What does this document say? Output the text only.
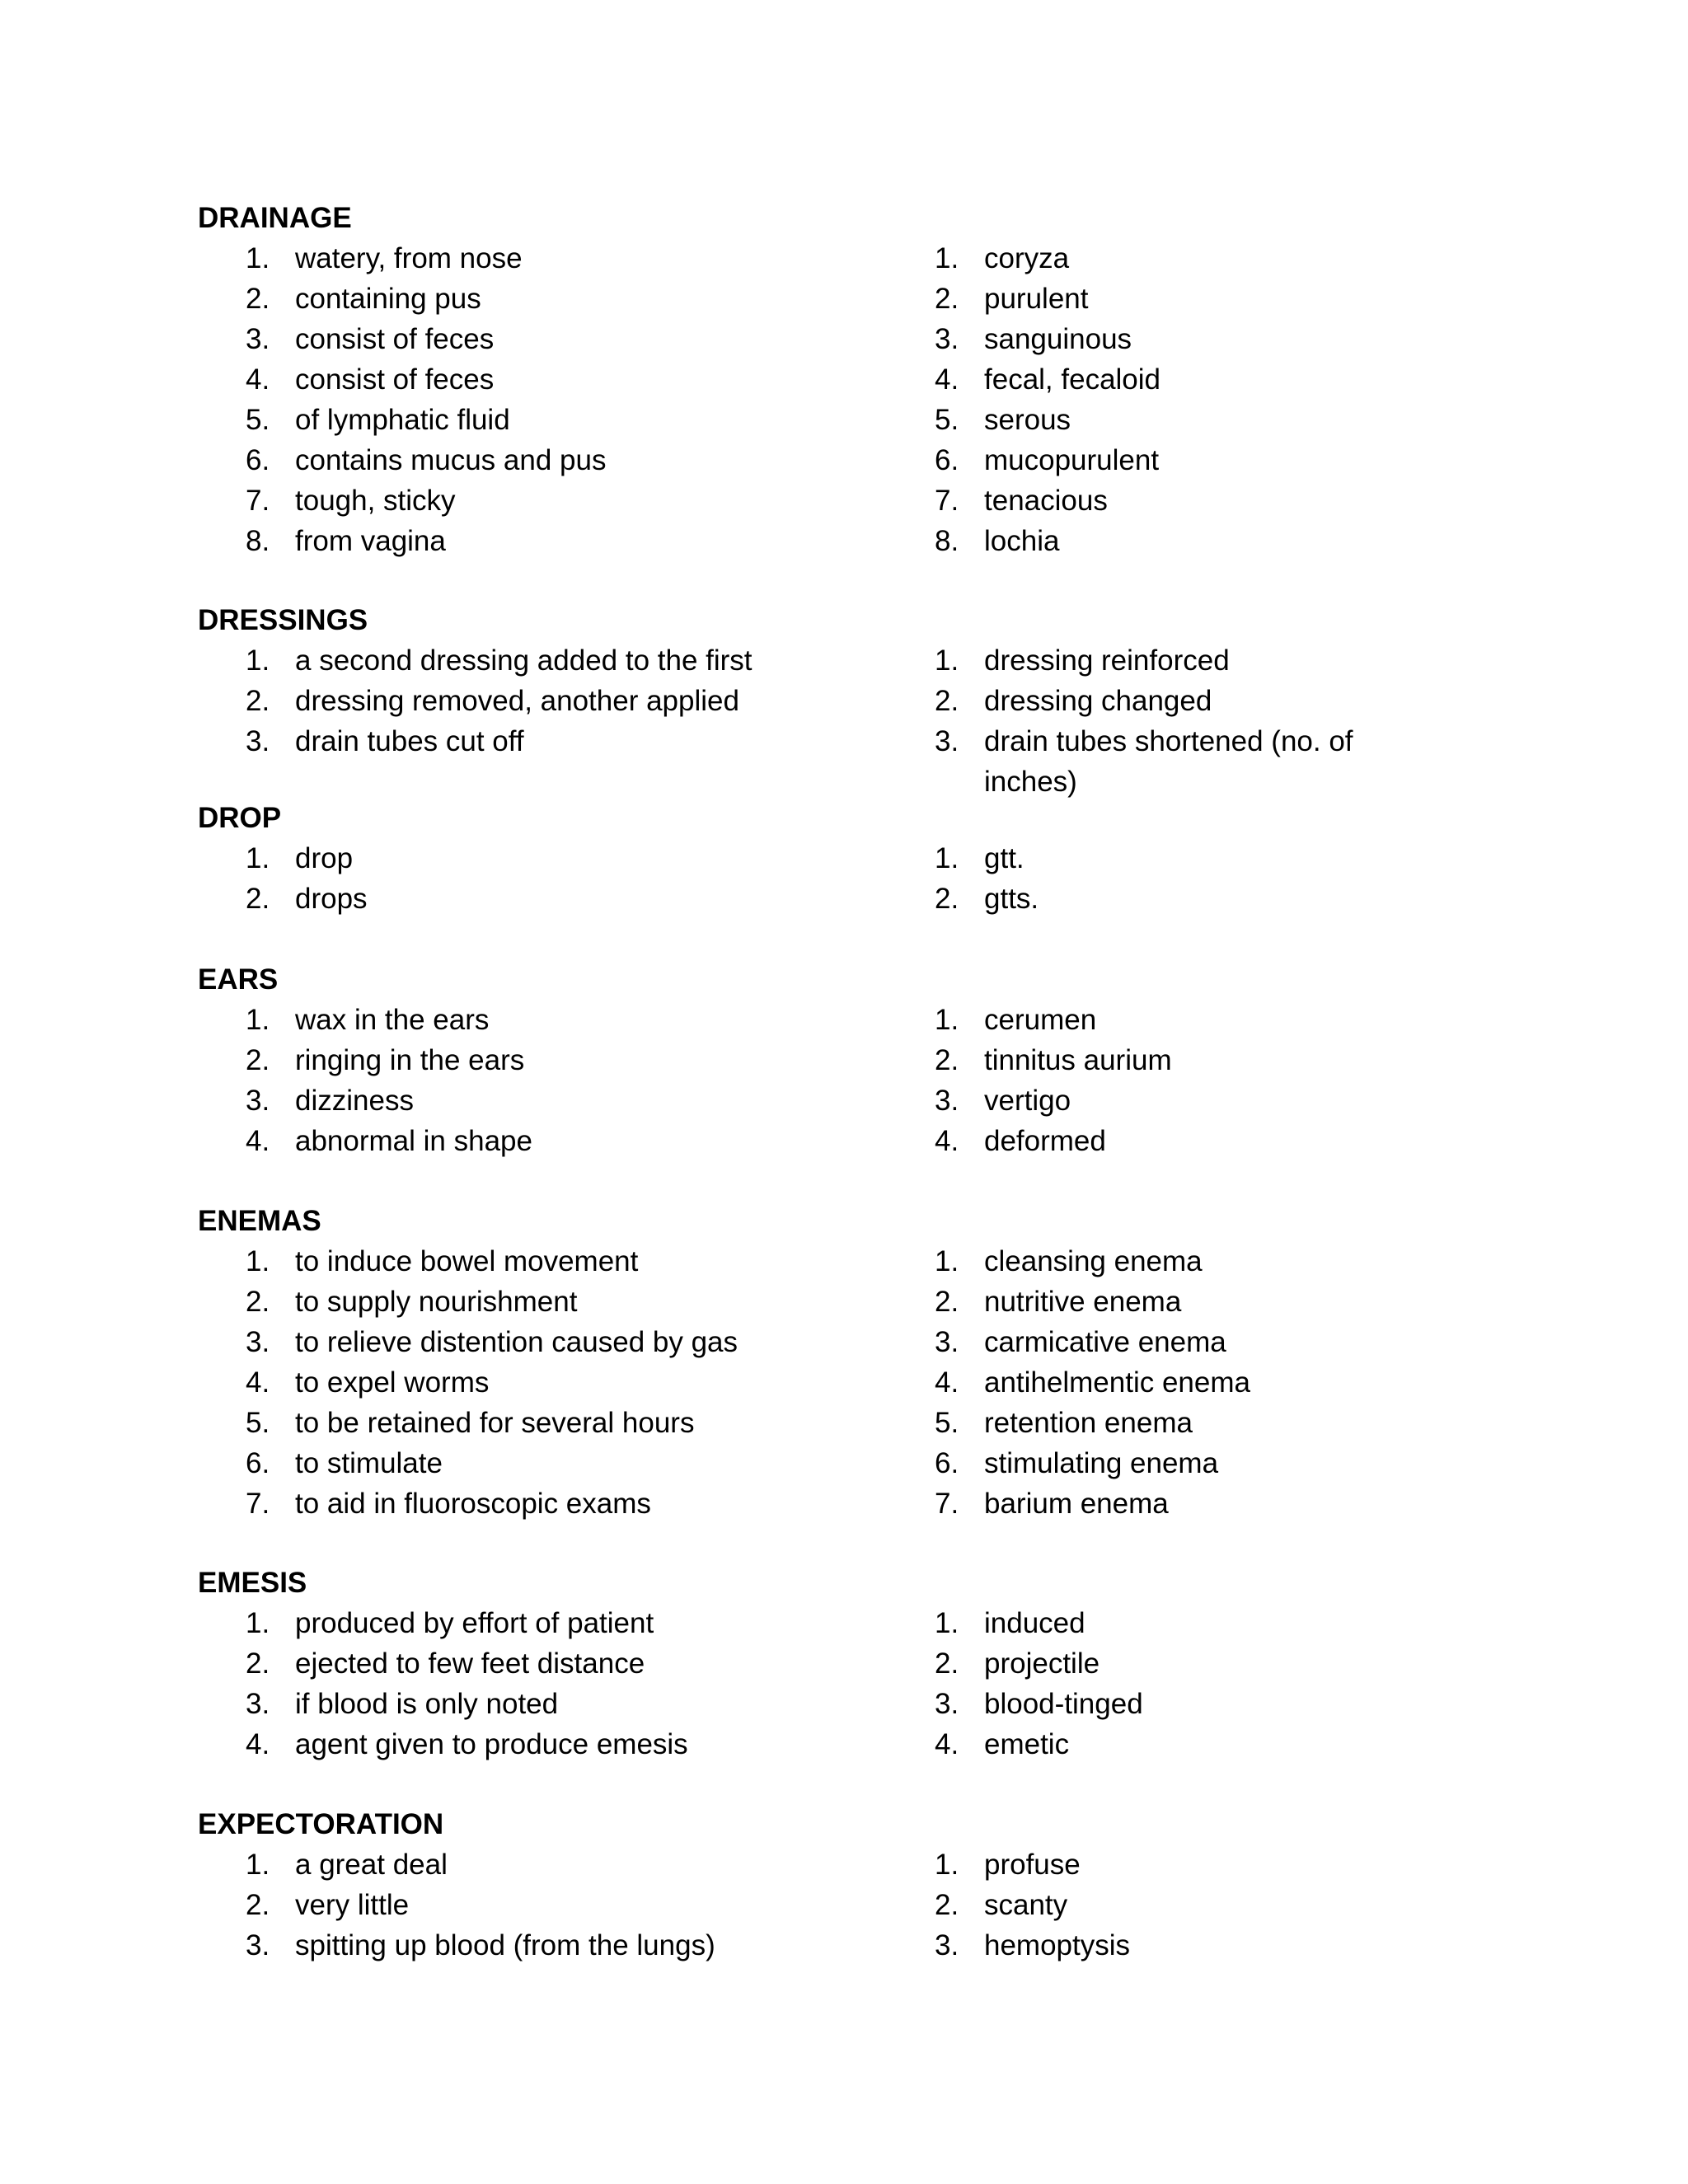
DRAINAGE
1. watery, from nose	1. coryza
2. containing pus	2. purulent
3. consist of feces	3. sanguinous
4. consist of feces	4. fecal, fecaloid
5. of lymphatic fluid	5. serous
6. contains mucus and pus	6. mucopurulent
7. tough, sticky	7. tenacious
8. from vagina	8. lochia
DRESSINGS
1. a second dressing added to the first	1. dressing reinforced
2. dressing removed, another applied	2. dressing changed
3. drain tubes cut off	3. drain tubes shortened (no. of inches)
DROP
1. drop	1. gtt.
2. drops	2. gtts.
EARS
1. wax in the ears	1. cerumen
2. ringing in the ears	2. tinnitus aurium
3. dizziness	3. vertigo
4. abnormal in shape	4. deformed
ENEMAS
1. to induce bowel movement	1. cleansing enema
2. to supply nourishment	2. nutritive enema
3. to relieve distention caused by gas	3. carmicative enema
4. to expel worms	4. antihelmentic enema
5. to be retained for several hours	5. retention enema
6. to stimulate	6. stimulating enema
7. to aid in fluoroscopic exams	7. barium enema
EMESIS
1. produced by effort of patient	1. induced
2. ejected to few feet distance	2. projectile
3. if blood is only noted	3. blood-tinged
4. agent given to produce emesis	4. emetic
EXPECTORATION
1. a great deal	1. profuse
2. very little	2. scanty
3. spitting up blood (from the lungs)	3. hemoptysis
